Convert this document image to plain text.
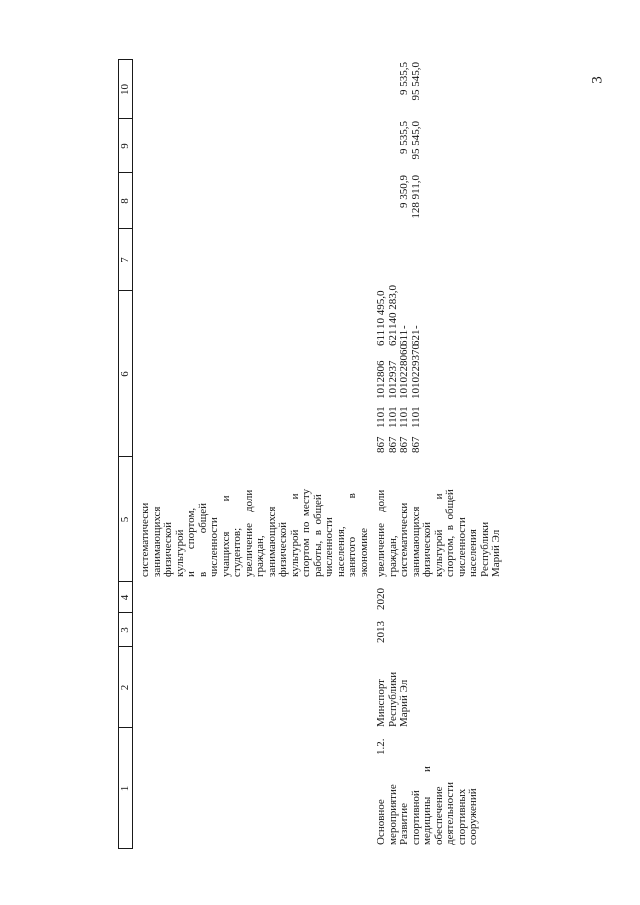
3
1
2
3
4
5
6
7
8
9
10
систематически занимающихся физической культурой и        спортом, в              общей численности учащихся           и студентов; увеличение    доли граждан, занимающихся физической культурой           и спортом  по  месту работы,  в  общей численности населения, занятого              в экономике
Основное мероприятие Развитие спортивной медицины         и обеспечение деятельности спортивных сооружений
1.2.
Минспорт Республики Марий Эл
2013
2020
увеличение    доли граждан, систематически занимающихся физической культурой           и спортом,  в  общей численности населения Республики Марий Эл
867
1101
1012806
611
10 495,0
867
1101
1012937
621
140 283,0
867
1101
1010228060
611
-
9 350,9
9 535,5
9 535,5
867
1101
1010229370
621
-
128 911,0
95 545,0
95 545,0
